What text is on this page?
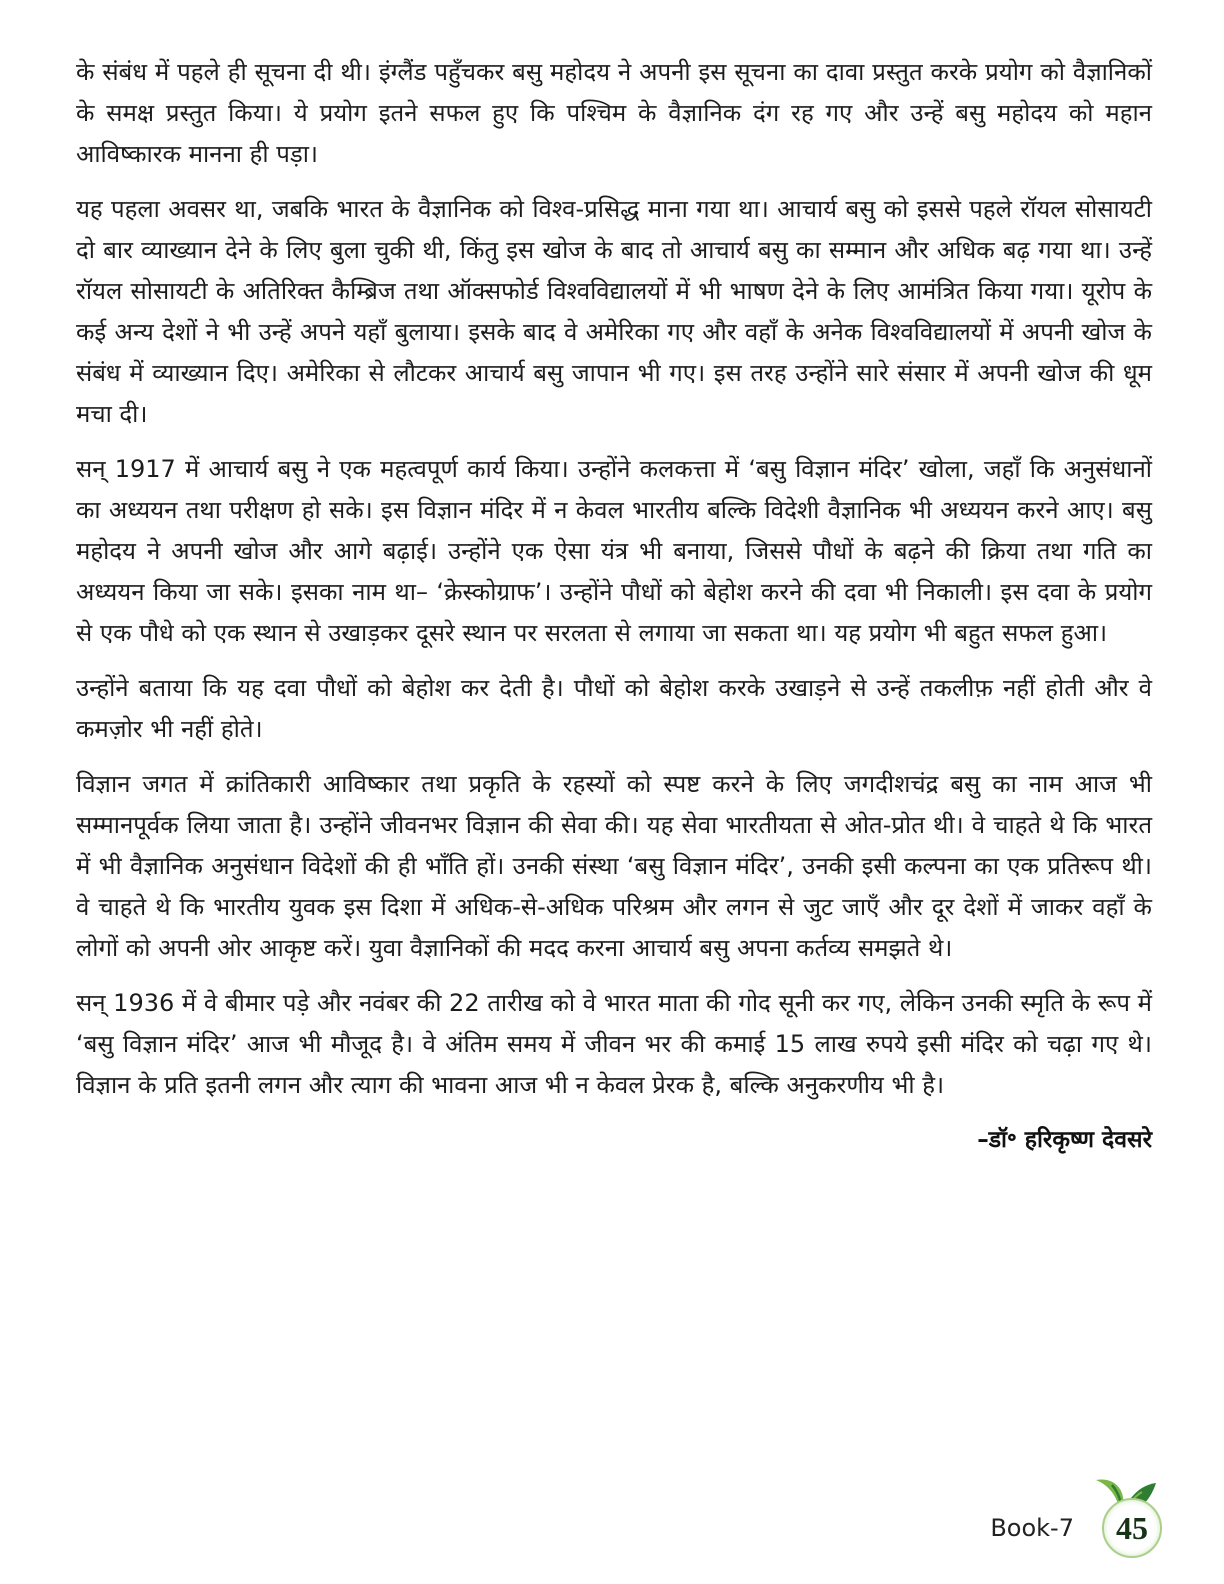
के संबंध में पहले ही सूचना दी थी। इंग्लैंड पहुँचकर बसु महोदय ने अपनी इस सूचना का दावा प्रस्तुत करके प्रयोग को वैज्ञानिकों के समक्ष प्रस्तुत किया। ये प्रयोग इतने सफल हुए कि पश्चिम के वैज्ञानिक दंग रह गए और उन्हें बसु महोदय को महान आविष्कारक मानना ही पड़ा।

यह पहला अवसर था, जबकि भारत के वैज्ञानिक को विश्व-प्रसिद्ध माना गया था। आचार्य बसु को इससे पहले रॉयल सोसायटी दो बार व्याख्यान देने के लिए बुला चुकी थी, किंतु इस खोज के बाद तो आचार्य बसु का सम्मान और अधिक बढ़ गया था। उन्हें रॉयल सोसायटी के अतिरिक्त कैम्ब्रिज तथा ऑक्सफोर्ड विश्वविद्यालयों में भी भाषण देने के लिए आमंत्रित किया गया। यूरोप के कई अन्य देशों ने भी उन्हें अपने यहाँ बुलाया। इसके बाद वे अमेरिका गए और वहाँ के अनेक विश्वविद्यालयों में अपनी खोज के संबंध में व्याख्यान दिए। अमेरिका से लौटकर आचार्य बसु जापान भी गए। इस तरह उन्होंने सारे संसार में अपनी खोज की धूम मचा दी।

सन् 1917 में आचार्य बसु ने एक महत्वपूर्ण कार्य किया। उन्होंने कलकत्ता में ‘बसु विज्ञान मंदिर’ खोला, जहाँ कि अनुसंधानों का अध्ययन तथा परीक्षण हो सके। इस विज्ञान मंदिर में न केवल भारतीय बल्कि विदेशी वैज्ञानिक भी अध्ययन करने आए। बसु महोदय ने अपनी खोज और आगे बढ़ाई। उन्होंने एक ऐसा यंत्र भी बनाया, जिससे पौधों के बढ़ने की क्रिया तथा गति का अध्ययन किया जा सके। इसका नाम था– ‘क्रेस्कोग्राफ’। उन्होंने पौधों को बेहोश करने की दवा भी निकाली। इस दवा के प्रयोग से एक पौधे को एक स्थान से उखाड़कर दूसरे स्थान पर सरलता से लगाया जा सकता था। यह प्रयोग भी बहुत सफल हुआ।

उन्होंने बताया कि यह दवा पौधों को बेहोश कर देती है। पौधों को बेहोश करके उखाड़ने से उन्हें तकलीफ़ नहीं होती और वे कमज़ोर भी नहीं होते।

विज्ञान जगत में क्रांतिकारी आविष्कार तथा प्रकृति के रहस्यों को स्पष्ट करने के लिए जगदीशचंद्र बसु का नाम आज भी सम्मानपूर्वक लिया जाता है। उन्होंने जीवनभर विज्ञान की सेवा की। यह सेवा भारतीयता से ओत-प्रोत थी। वे चाहते थे कि भारत में भी वैज्ञानिक अनुसंधान विदेशों की ही भाँति हों। उनकी संस्था ‘बसु विज्ञान मंदिर’, उनकी इसी कल्पना का एक प्रतिरूप थी। वे चाहते थे कि भारतीय युवक इस दिशा में अधिक-से-अधिक परिश्रम और लगन से जुट जाएँ और दूर देशों में जाकर वहाँ के लोगों को अपनी ओर आकृष्ट करें। युवा वैज्ञानिकों की मदद करना आचार्य बसु अपना कर्तव्य समझते थे।

सन् 1936 में वे बीमार पड़े और नवंबर की 22 तारीख को वे भारत माता की गोद सूनी कर गए, लेकिन उनकी स्मृति के रूप में ‘बसु विज्ञान मंदिर’ आज भी मौजूद है। वे अंतिम समय में जीवन भर की कमाई 15 लाख रुपये इसी मंदिर को चढ़ा गए थे। विज्ञान के प्रति इतनी लगन और त्याग की भावना आज भी न केवल प्रेरक है, बल्कि अनुकरणीय भी है।

–डॉ॰ हरिकृष्ण देवसरे

Book-7 45
